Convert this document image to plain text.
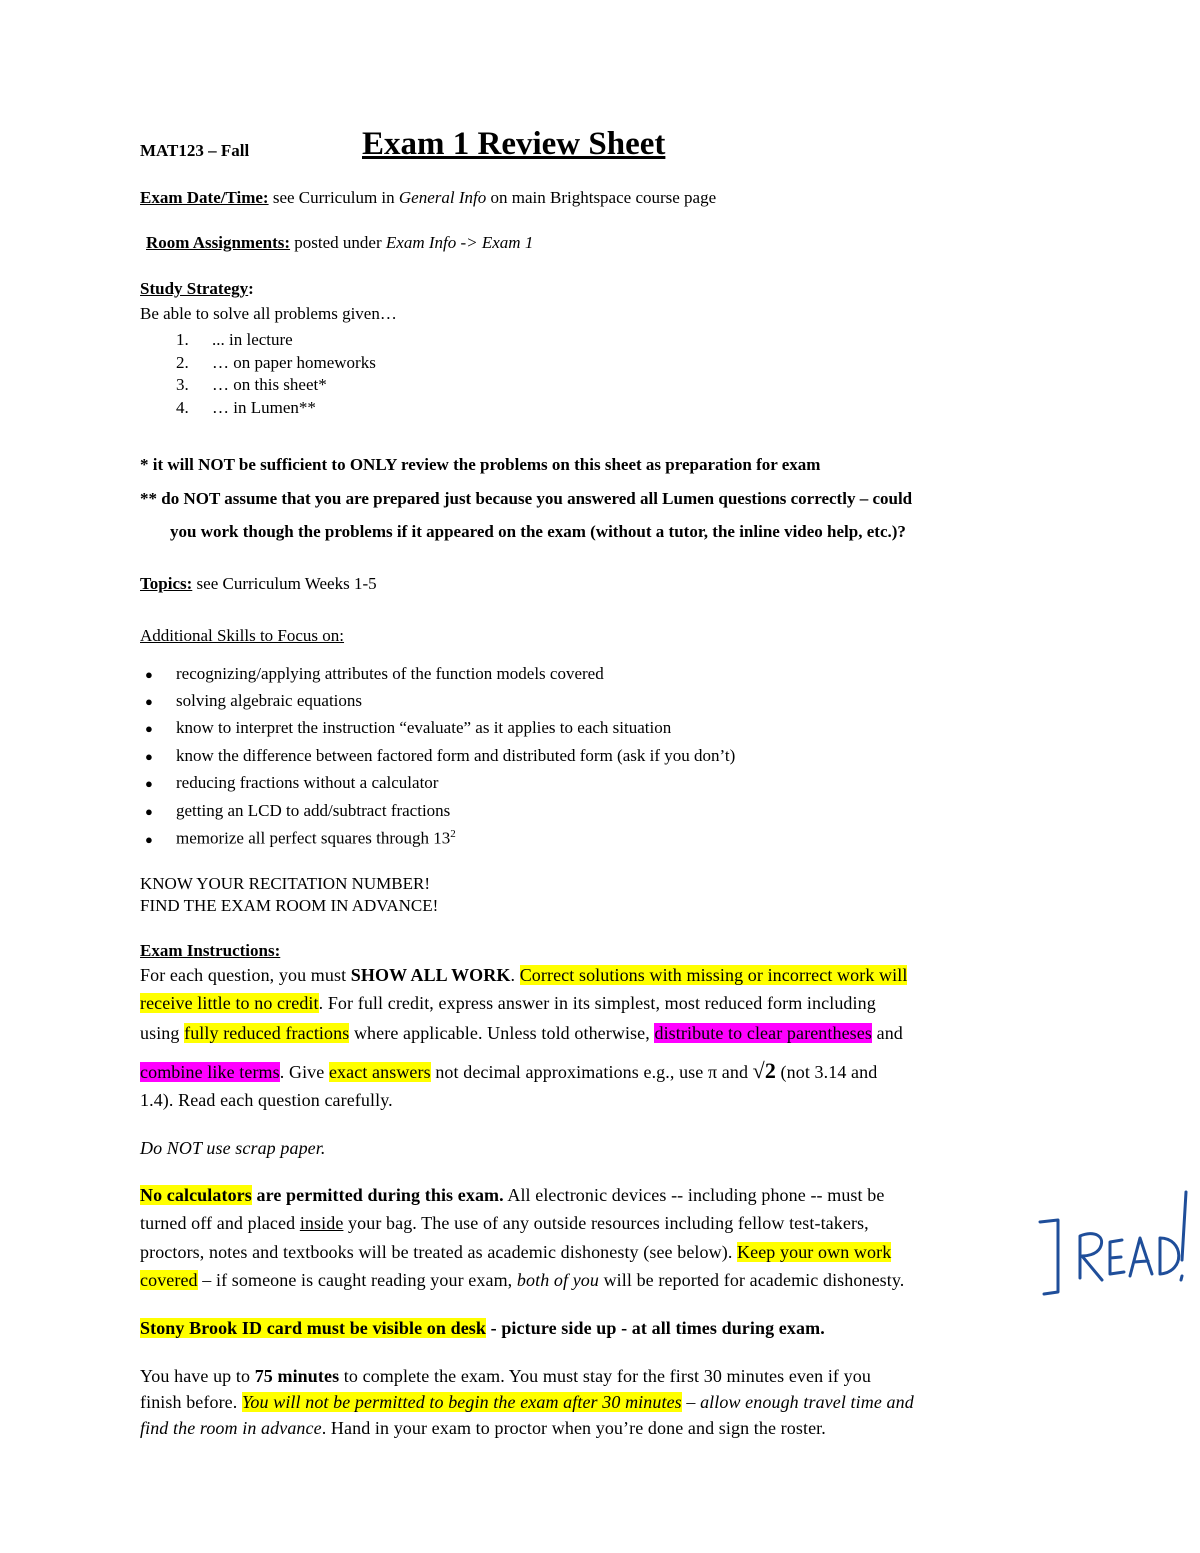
MAT123 – Fall	Exam 1 Review Sheet
Exam Date/Time: see Curriculum in General Info on main Brightspace course page
Room Assignments: posted under Exam Info -> Exam 1
Study Strategy:
Be able to solve all problems given…
1. ... in lecture
2. … on paper homeworks
3. … on this sheet*
4. … in Lumen**
* it will NOT be sufficient to ONLY review the problems on this sheet as preparation for exam
** do NOT assume that you are prepared just because you answered all Lumen questions correctly – could
you work though the problems if it appeared on the exam (without a tutor, the inline video help, etc.)?
Topics: see Curriculum Weeks 1-5
Additional Skills to Focus on:
● recognizing/applying attributes of the function models covered
● solving algebraic equations
● know to interpret the instruction “evaluate” as it applies to each situation
● know the difference between factored form and distributed form (ask if you don’t)
● reducing fractions without a calculator
● getting an LCD to add/subtract fractions
● memorize all perfect squares through $13^2$
KNOW YOUR RECITATION NUMBER!
FIND THE EXAM ROOM IN ADVANCE!
Exam Instructions:
For each question, you must SHOW ALL WORK. Correct solutions with missing or incorrect work will
receive little to no credit. For full credit, express answer in its simplest, most reduced form including
using fully reduced fractions where applicable. Unless told otherwise, distribute to clear parentheses and
combine like terms. Give exact answers not decimal approximations e.g., use π and √2 (not 3.14 and
1.4). Read each question carefully.
Do NOT use scrap paper.
No calculators are permitted during this exam. All electronic devices -- including phone -- must be
turned off and placed inside your bag. The use of any outside resources including fellow test-takers,
proctors, notes and textbooks will be treated as academic dishonesty (see below). Keep your own work
covered – if someone is caught reading your exam, both of you will be reported for academic dishonesty.
Stony Brook ID card must be visible on desk - picture side up - at all times during exam.
You have up to 75 minutes to complete the exam. You must stay for the first 30 minutes even if you
finish before. You will not be permitted to begin the exam after 30 minutes – allow enough travel time and
find the room in advance. Hand in your exam to proctor when you’re done and sign the roster.
READ!
